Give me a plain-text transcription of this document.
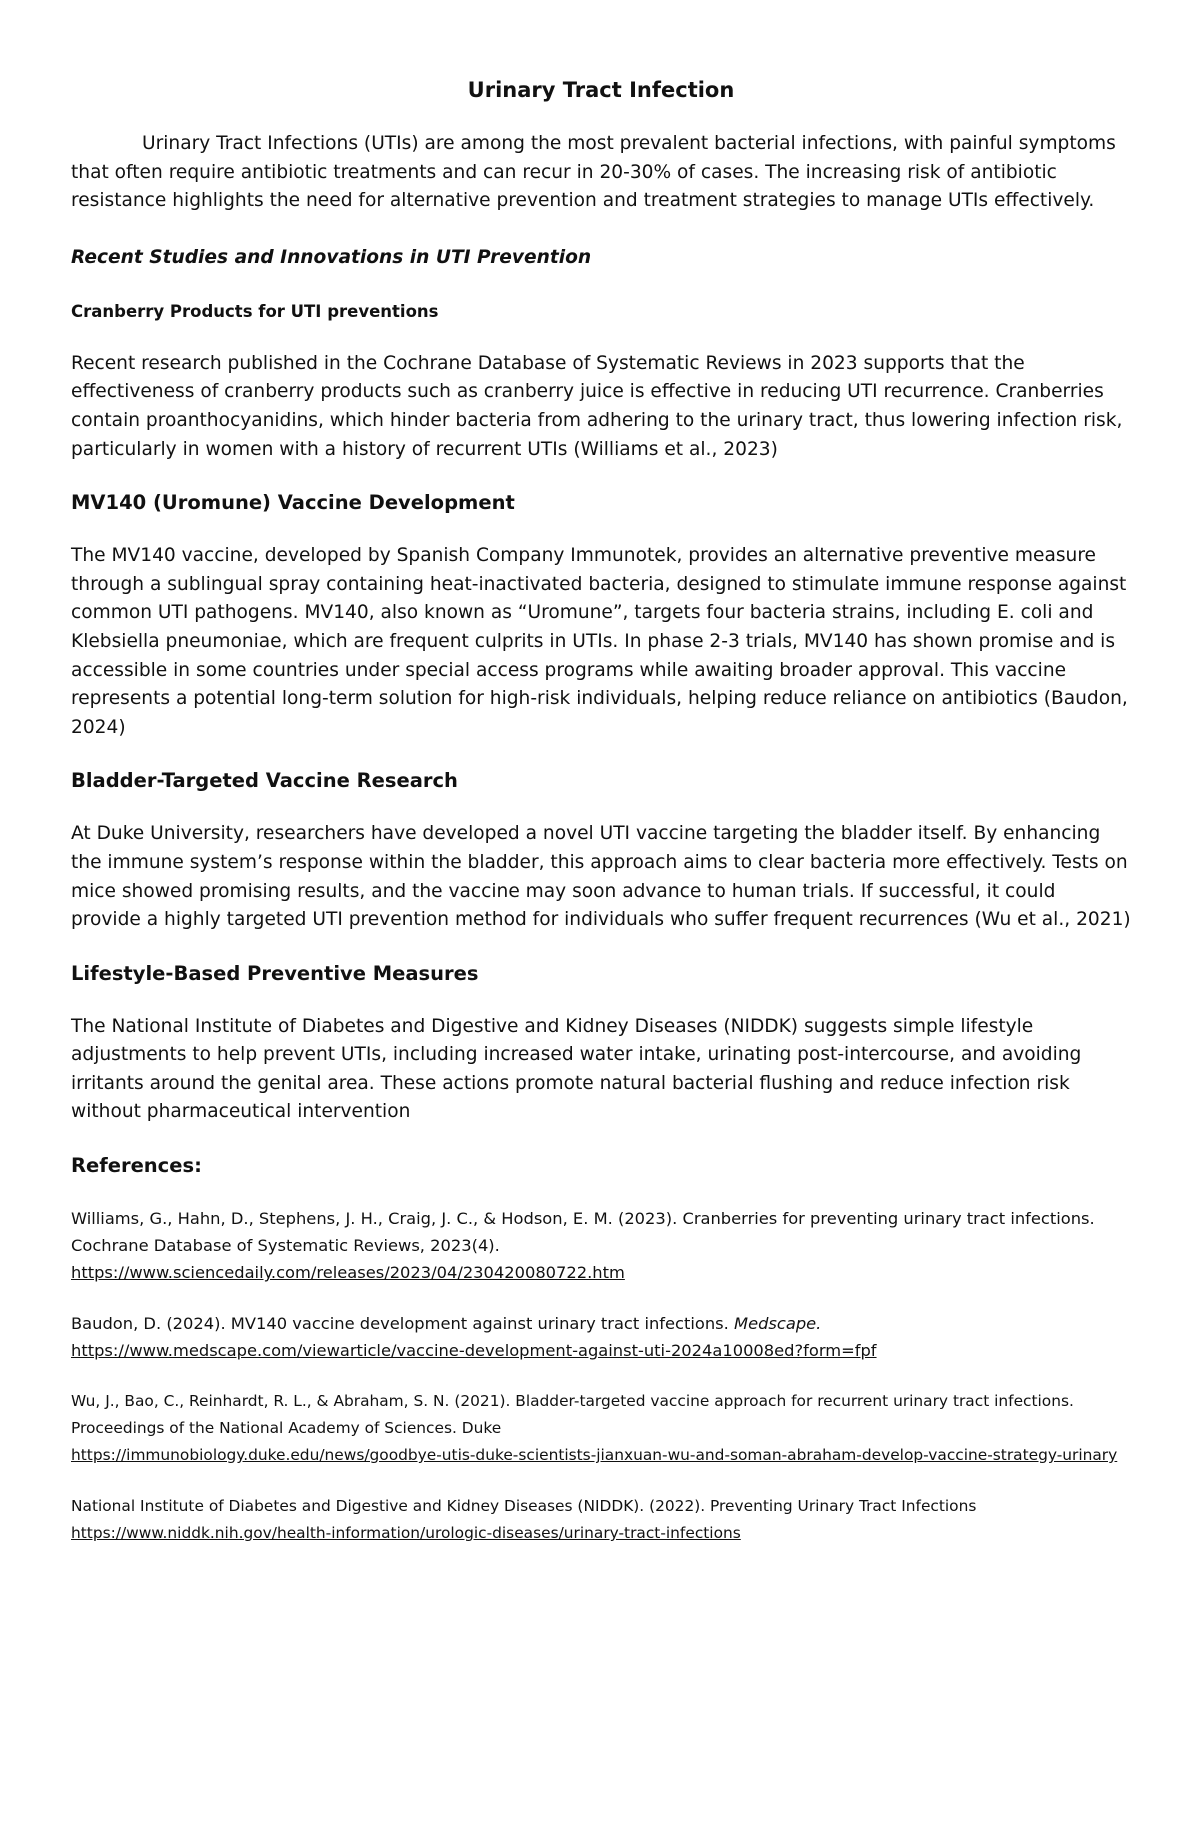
Urinary Tract Infection

Urinary Tract Infections (UTIs) are among the most prevalent bacterial infections, with painful symptoms that often require antibiotic treatments and can recur in 20-30% of cases. The increasing risk of antibiotic resistance highlights the need for alternative prevention and treatment strategies to manage UTIs effectively.

Recent Studies and Innovations in UTI Prevention

Cranberry Products for UTI preventions

Recent research published in the Cochrane Database of Systematic Reviews in 2023 supports that the effectiveness of cranberry products such as cranberry juice is effective in reducing UTI recurrence. Cranberries contain proanthocyanidins, which hinder bacteria from adhering to the urinary tract, thus lowering infection risk, particularly in women with a history of recurrent UTIs (Williams et al., 2023)

MV140 (Uromune) Vaccine Development

The MV140 vaccine, developed by Spanish Company Immunotek, provides an alternative preventive measure through a sublingual spray containing heat-inactivated bacteria, designed to stimulate immune response against common UTI pathogens. MV140, also known as “Uromune”, targets four bacteria strains, including E. coli and Klebsiella pneumoniae, which are frequent culprits in UTIs. In phase 2-3 trials, MV140 has shown promise and is accessible in some countries under special access programs while awaiting broader approval. This vaccine represents a potential long-term solution for high-risk individuals, helping reduce reliance on antibiotics (Baudon, 2024)

Bladder-Targeted Vaccine Research

At Duke University, researchers have developed a novel UTI vaccine targeting the bladder itself. By enhancing the immune system’s response within the bladder, this approach aims to clear bacteria more effectively. Tests on mice showed promising results, and the vaccine may soon advance to human trials. If successful, it could provide a highly targeted UTI prevention method for individuals who suffer frequent recurrences (Wu et al., 2021)

Lifestyle-Based Preventive Measures

The National Institute of Diabetes and Digestive and Kidney Diseases (NIDDK) suggests simple lifestyle adjustments to help prevent UTIs, including increased water intake, urinating post-intercourse, and avoiding irritants around the genital area. These actions promote natural bacterial flushing and reduce infection risk without pharmaceutical intervention

References:

Williams, G., Hahn, D., Stephens, J. H., Craig, J. C., & Hodson, E. M. (2023). Cranberries for preventing urinary tract infections. Cochrane Database of Systematic Reviews, 2023(4).

https://www.sciencedaily.com/releases/2023/04/230420080722.htm

Baudon, D. (2024). MV140 vaccine development against urinary tract infections. Medscape.

https://www.medscape.com/viewarticle/vaccine-development-against-uti-2024a10008ed?form=fpf

Wu, J., Bao, C., Reinhardt, R. L., & Abraham, S. N. (2021). Bladder-targeted vaccine approach for recurrent urinary tract infections. Proceedings of the National Academy of Sciences. Duke

https://immunobiology.duke.edu/news/goodbye-utis-duke-scientists-jianxuan-wu-and-soman-abraham-develop-vaccine-strategy-urinary

National Institute of Diabetes and Digestive and Kidney Diseases (NIDDK). (2022). Preventing Urinary Tract Infections

https://www.niddk.nih.gov/health-information/urologic-diseases/urinary-tract-infections
